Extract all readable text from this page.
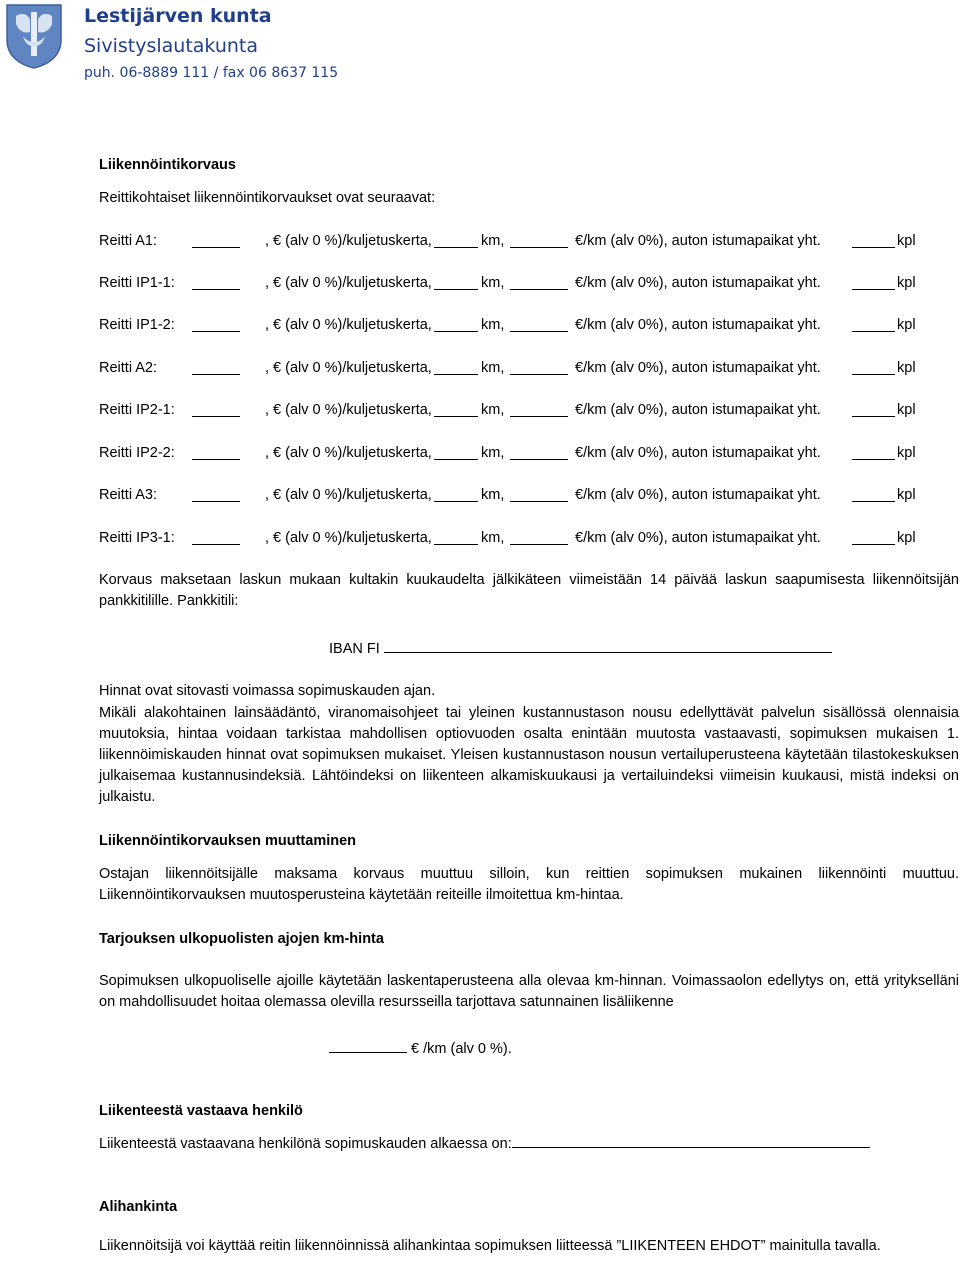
Lestijärven kunta
Sivistyslautakunta
puh. 06-8889 111 / fax 06 8637 115
Liikennöintikorvaus
Reittikohtaiset liikennöintikorvaukset ovat seuraavat:
Reitti A1:	, € (alv 0 %)/kuljetuskerta,	km,	€/km (alv 0%), auton istumapaikat yht.	kpl
Reitti IP1-1:	, € (alv 0 %)/kuljetuskerta,	km,	€/km (alv 0%), auton istumapaikat yht.	kpl
Reitti IP1-2:	, € (alv 0 %)/kuljetuskerta,	km,	€/km (alv 0%), auton istumapaikat yht.	kpl
Reitti A2:	, € (alv 0 %)/kuljetuskerta,	km,	€/km (alv 0%), auton istumapaikat yht.	kpl
Reitti IP2-1:	, € (alv 0 %)/kuljetuskerta,	km,	€/km (alv 0%), auton istumapaikat yht.	kpl
Reitti IP2-2:	, € (alv 0 %)/kuljetuskerta,	km,	€/km (alv 0%), auton istumapaikat yht.	kpl
Reitti A3:	, € (alv 0 %)/kuljetuskerta,	km,	€/km (alv 0%), auton istumapaikat yht.	kpl
Reitti IP3-1:	, € (alv 0 %)/kuljetuskerta,	km,	€/km (alv 0%), auton istumapaikat yht.	kpl
Korvaus maksetaan laskun mukaan kultakin kuukaudelta jälkikäteen viimeistään 14 päivää laskun saapumisesta liikennöitsijän pankkitilille. Pankkitili:
IBAN FI
Hinnat ovat sitovasti voimassa sopimuskauden ajan.
Mikäli alakohtainen lainsäädäntö, viranomaisohjeet tai yleinen kustannustason nousu edellyttävät palvelun sisällössä olennaisia muutoksia, hintaa voidaan tarkistaa mahdollisen optiovuoden osalta enintään muutosta vastaavasti, sopimuksen mukaisen 1. liikennöimiskauden hinnat ovat sopimuksen mukaiset. Yleisen kustannustason nousun vertailuperusteena käytetään tilastokeskuksen julkaisemaa kustannusindeksiä. Lähtöindeksi on liikenteen alkamiskuukausi ja vertailuindeksi viimeisin kuukausi, mistä indeksi on julkaistu.
Liikennöintikorvauksen muuttaminen
Ostajan liikennöitsijälle maksama korvaus muuttuu silloin, kun reittien sopimuksen mukainen liikennöinti muuttuu. Liikennöintikorvauksen muutosperusteina käytetään reiteille ilmoitettua km-hintaa.
Tarjouksen ulkopuolisten ajojen km-hinta
Sopimuksen ulkopuoliselle ajoille käytetään laskentaperusteena alla olevaa km-hinnan. Voimassaolon edellytys on, että yritykselläni on mahdollisuudet hoitaa olemassa olevilla resursseilla tarjottava satunnainen lisäliikenne
€ /km (alv 0 %).
Liikenteestä vastaava henkilö
Liikenteestä vastaavana henkilönä sopimuskauden alkaessa on:
Alihankinta
Liikennöitsijä voi käyttää reitin liikennöinnissä alihankintaa sopimuksen liitteessä ”LIIKENTEEN EHDOT” mainitulla tavalla.
